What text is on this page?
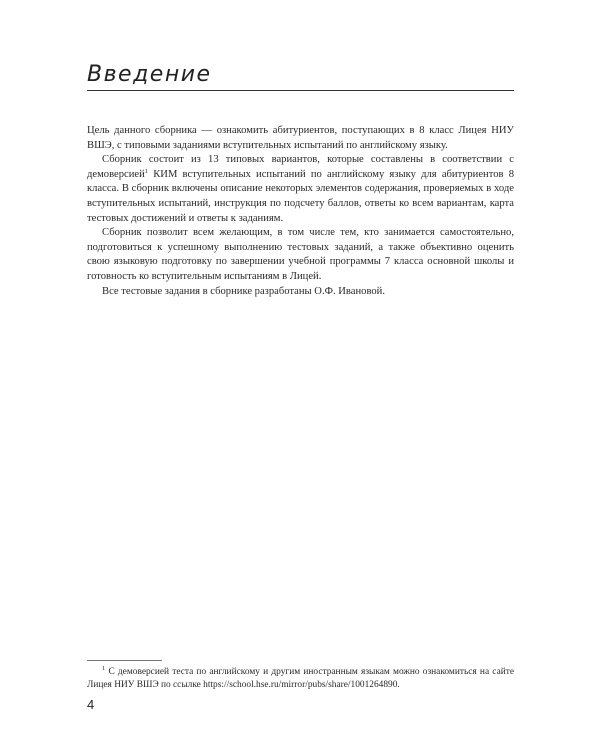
Введение

Цель данного сборника — ознакомить абитуриентов, поступающих в 8 класс Лицея НИУ ВШЭ, с типовыми заданиями вступительных испытаний по английскому языку.

Сборник состоит из 13 типовых вариантов, которые составлены в соответствии с демоверсией$^1$ КИМ вступительных испытаний по английскому языку для абитуриентов 8 класса. В сборник включены описание некоторых элементов содержания, проверяемых в ходе вступительных испытаний, инструкция по подсчету баллов, ответы ко всем вариантам, карта тестовых достижений и ответы к заданиям.

Сборник позволит всем желающим, в том числе тем, кто занимается самостоятельно, подготовиться к успешному выполнению тестовых заданий, а также объективно оценить свою языковую подготовку по завершении учебной программы 7 класса основной школы и готовность ко вступительным испытаниям в Лицей.

Все тестовые задания в сборнике разработаны О.Ф. Ивановой.

$^1$ С демоверсией теста по английскому и другим иностранным языкам можно ознакомиться на сайте Лицея НИУ ВШЭ по ссылке https://school.hse.ru/mirror/pubs/share/1001264890.
4
